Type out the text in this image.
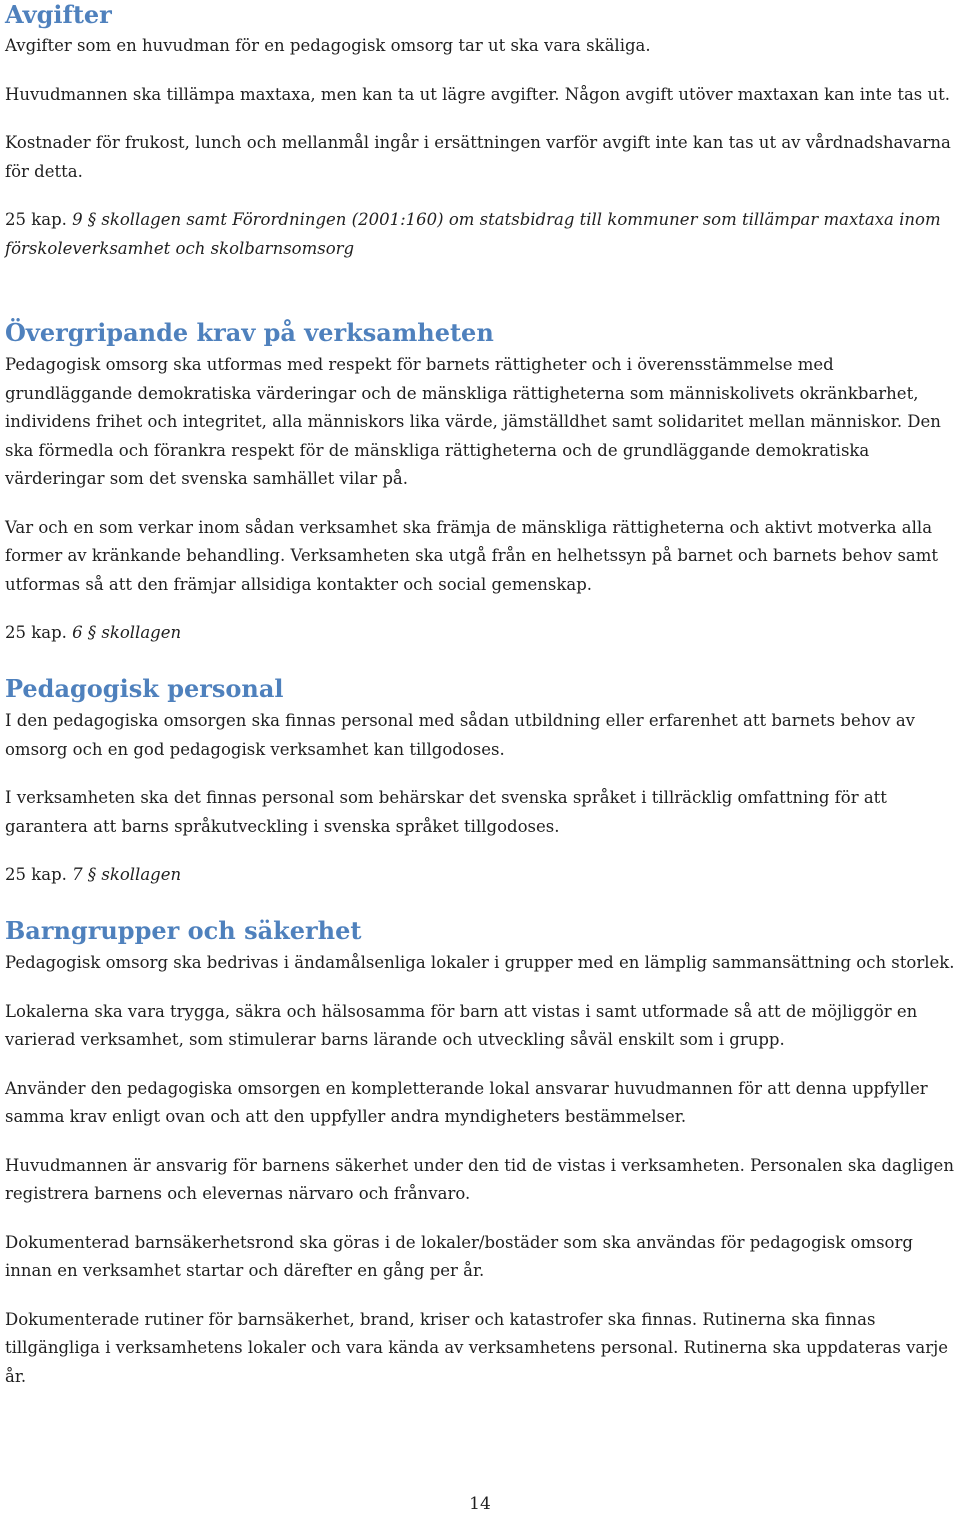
Avgifter

Avgifter som en huvudman för en pedagogisk omsorg tar ut ska vara skäliga.

Huvudmannen ska tillämpa maxtaxa, men kan ta ut lägre avgifter. Någon avgift utöver maxtaxan kan inte tas ut.

Kostnader för frukost, lunch och mellanmål ingår i ersättningen varför avgift inte kan tas ut av vårdnadshavarna för detta.

25 kap. 9 § skollagen samt Förordningen (2001:160) om statsbidrag till kommuner som tillämpar maxtaxa inom förskoleverksamhet och skolbarnsomsorg

Övergripande krav på verksamheten

Pedagogisk omsorg ska utformas med respekt för barnets rättigheter och i överensstämmelse med grundläggande demokratiska värderingar och de mänskliga rättigheterna som människolivets okränkbarhet, individens frihet och integritet, alla människors lika värde, jämställdhet samt solidaritet mellan människor. Den ska förmedla och förankra respekt för de mänskliga rättigheterna och de grundläggande demokratiska värderingar som det svenska samhället vilar på.

Var och en som verkar inom sådan verksamhet ska främja de mänskliga rättigheterna och aktivt motverka alla former av kränkande behandling. Verksamheten ska utgå från en helhetssyn på barnet och barnets behov samt utformas så att den främjar allsidiga kontakter och social gemenskap.

25 kap. 6 § skollagen

Pedagogisk personal

I den pedagogiska omsorgen ska finnas personal med sådan utbildning eller erfarenhet att barnets behov av omsorg och en god pedagogisk verksamhet kan tillgodoses.

I verksamheten ska det finnas personal som behärskar det svenska språket i tillräcklig omfattning för att garantera att barns språkutveckling i svenska språket tillgodoses.

25 kap. 7 § skollagen

Barngrupper och säkerhet

Pedagogisk omsorg ska bedrivas i ändamålsenliga lokaler i grupper med en lämplig sammansättning och storlek.

Lokalerna ska vara trygga, säkra och hälsosamma för barn att vistas i samt utformade så att de möjliggör en varierad verksamhet, som stimulerar barns lärande och utveckling såväl enskilt som i grupp.

Använder den pedagogiska omsorgen en kompletterande lokal ansvarar huvudmannen för att denna uppfyller samma krav enligt ovan och att den uppfyller andra myndigheters bestämmelser.

Huvudmannen är ansvarig för barnens säkerhet under den tid de vistas i verksamheten. Personalen ska dagligen registrera barnens och elevernas närvaro och frånvaro.

Dokumenterad barnsäkerhetsrond ska göras i de lokaler/bostäder som ska användas för pedagogisk omsorg innan en verksamhet startar och därefter en gång per år.

Dokumenterade rutiner för barnsäkerhet, brand, kriser och katastrofer ska finnas. Rutinerna ska finnas tillgängliga i verksamhetens lokaler och vara kända av verksamhetens personal. Rutinerna ska uppdateras varje år.

14
